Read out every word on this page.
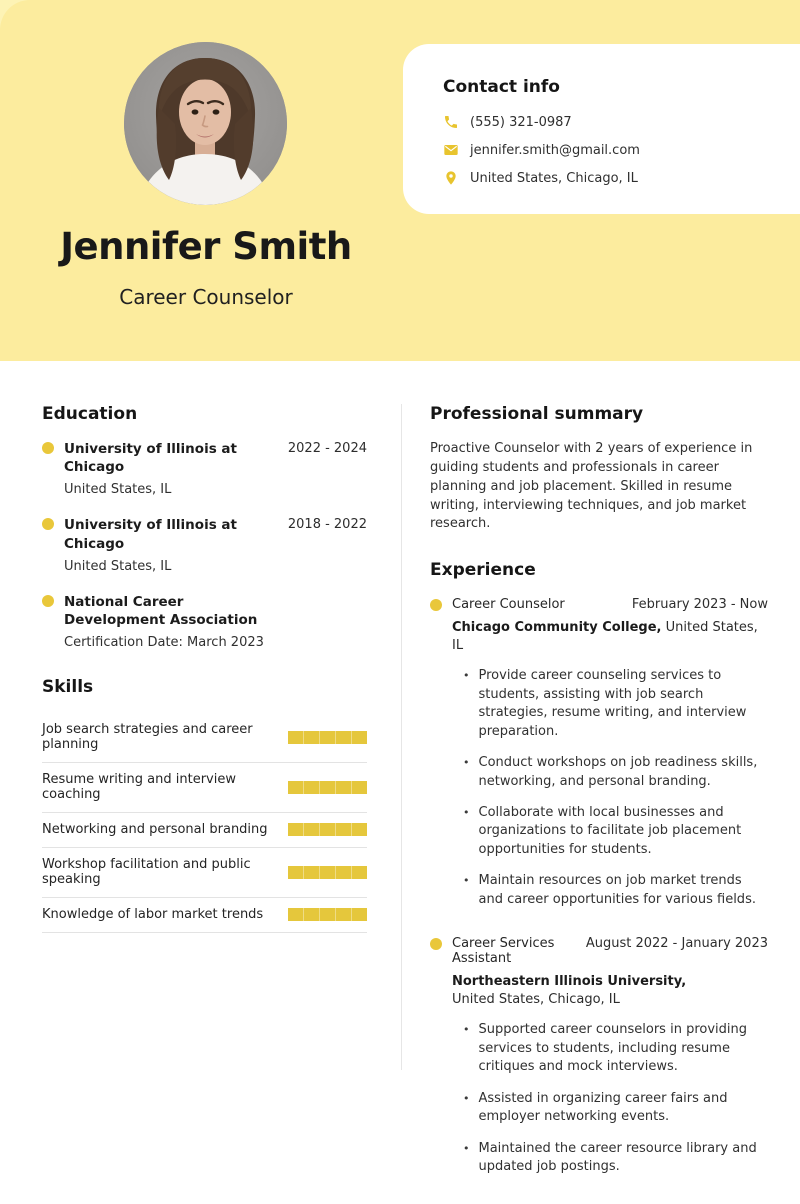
Contact info
(555) 321-0987
jennifer.smith@gmail.com
United States, Chicago, IL
Jennifer Smith
Career Counselor
Education
University of Illinois at Chicago
2022 - 2024
United States, IL
University of Illinois at Chicago
2018 - 2022
United States, IL
National Career Development Association
Certification Date: March 2023
Skills
Job search strategies and career planning
Resume writing and interview coaching
Networking and personal branding
Workshop facilitation and public speaking
Knowledge of labor market trends
Professional summary

Proactive Counselor with 2 years of experience in guiding students and professionals in career planning and job placement. Skilled in resume writing, interviewing techniques, and job market research.

Experience
Career Counselor	February 2023 - Now
Chicago Community College, United States, IL
• Provide career counseling services to students, assisting with job search strategies, resume writing, and interview preparation.
• Conduct workshops on job readiness skills, networking, and personal branding.
• Collaborate with local businesses and organizations to facilitate job placement opportunities for students.
• Maintain resources on job market trends and career opportunities for various fields.
Career Services Assistant
August 2022 - January 2023
Northeastern Illinois University,
United States, Chicago, IL
• Supported career counselors in providing services to students, including resume critiques and mock interviews.
• Assisted in organizing career fairs and employer networking events.
• Maintained the career resource library and updated job postings.
